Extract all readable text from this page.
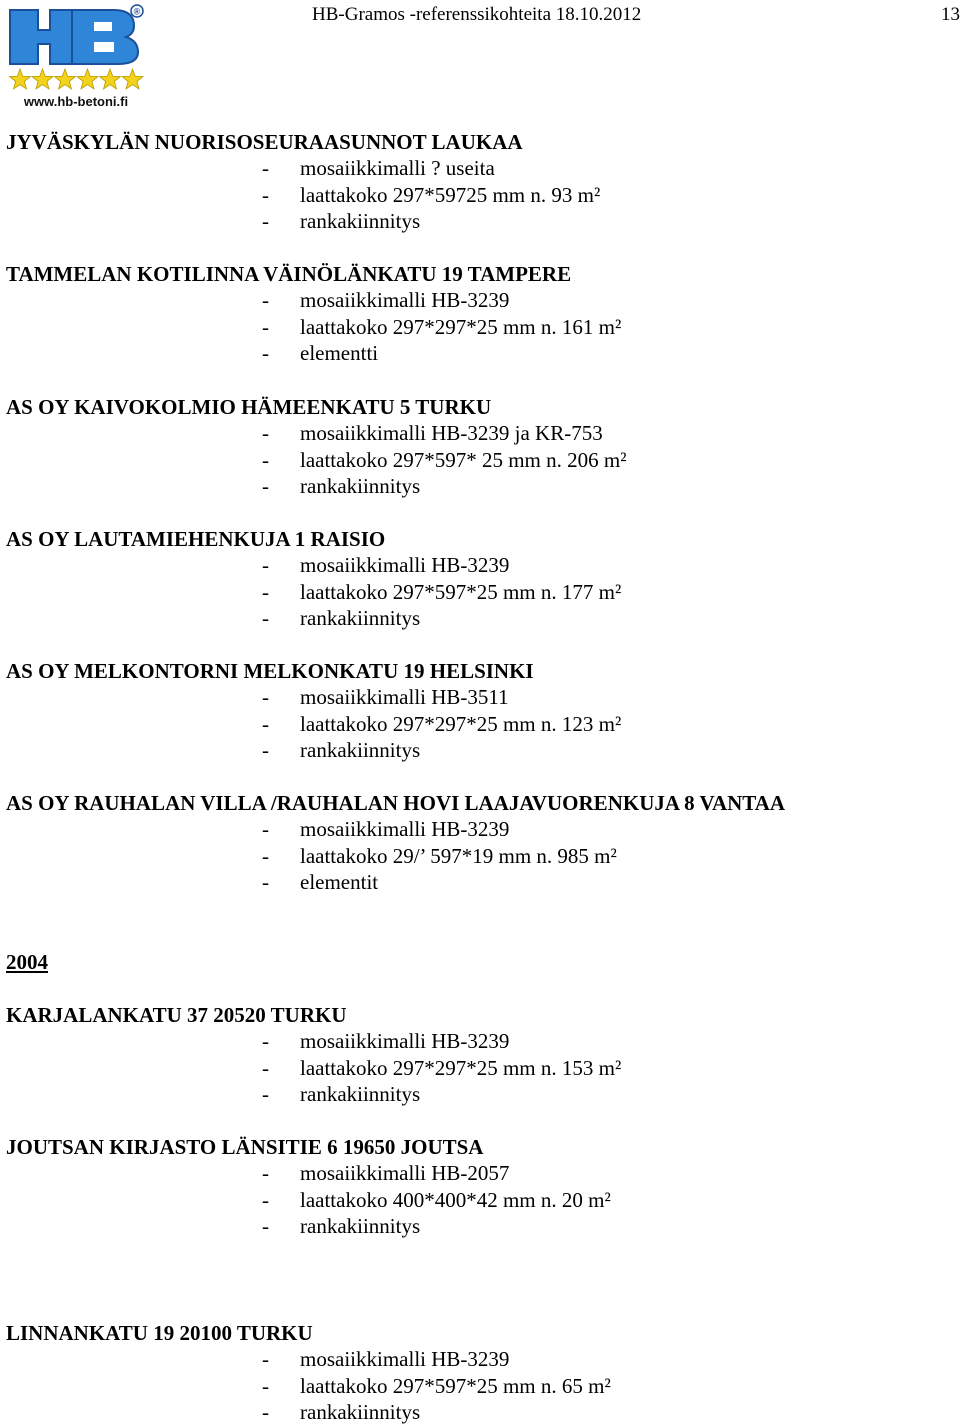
®
www.hb-betoni.fi
HB-Gramos -referenssikohteita 18.10.2012	13
JYVÄSKYLÄN NUORISOSEURAASUNNOT LAUKAA
- mosaiikkimalli ? useita
- laattakoko 297*59725 mm n. 93 m²
- rankakiinnitys
TAMMELAN KOTILINNA VÄINÖLÄNKATU 19 TAMPERE
- mosaiikkimalli HB-3239
- laattakoko 297*297*25 mm n. 161 m²
- elementti
AS OY KAIVOKOLMIO HÄMEENKATU 5 TURKU
- mosaiikkimalli HB-3239 ja KR-753
- laattakoko 297*597* 25 mm n. 206 m²
- rankakiinnitys
AS OY LAUTAMIEHENKUJA 1 RAISIO
- mosaiikkimalli HB-3239
- laattakoko 297*597*25 mm n. 177 m²
- rankakiinnitys
AS OY MELKONTORNI MELKONKATU 19 HELSINKI
- mosaiikkimalli HB-3511
- laattakoko 297*297*25 mm n. 123 m²
- rankakiinnitys
AS OY RAUHALAN VILLA /RAUHALAN HOVI LAAJAVUORENKUJA 8 VANTAA
- mosaiikkimalli HB-3239
- laattakoko 29/’ 597*19 mm n. 985 m²
- elementit
2004
KARJALANKATU 37 20520 TURKU
- mosaiikkimalli HB-3239
- laattakoko 297*297*25 mm n. 153 m²
- rankakiinnitys
JOUTSAN KIRJASTO LÄNSITIE 6 19650 JOUTSA
- mosaiikkimalli HB-2057
- laattakoko 400*400*42 mm n. 20 m²
- rankakiinnitys
LINNANKATU 19 20100 TURKU
- mosaiikkimalli HB-3239
- laattakoko 297*597*25 mm n. 65 m²
- rankakiinnitys
